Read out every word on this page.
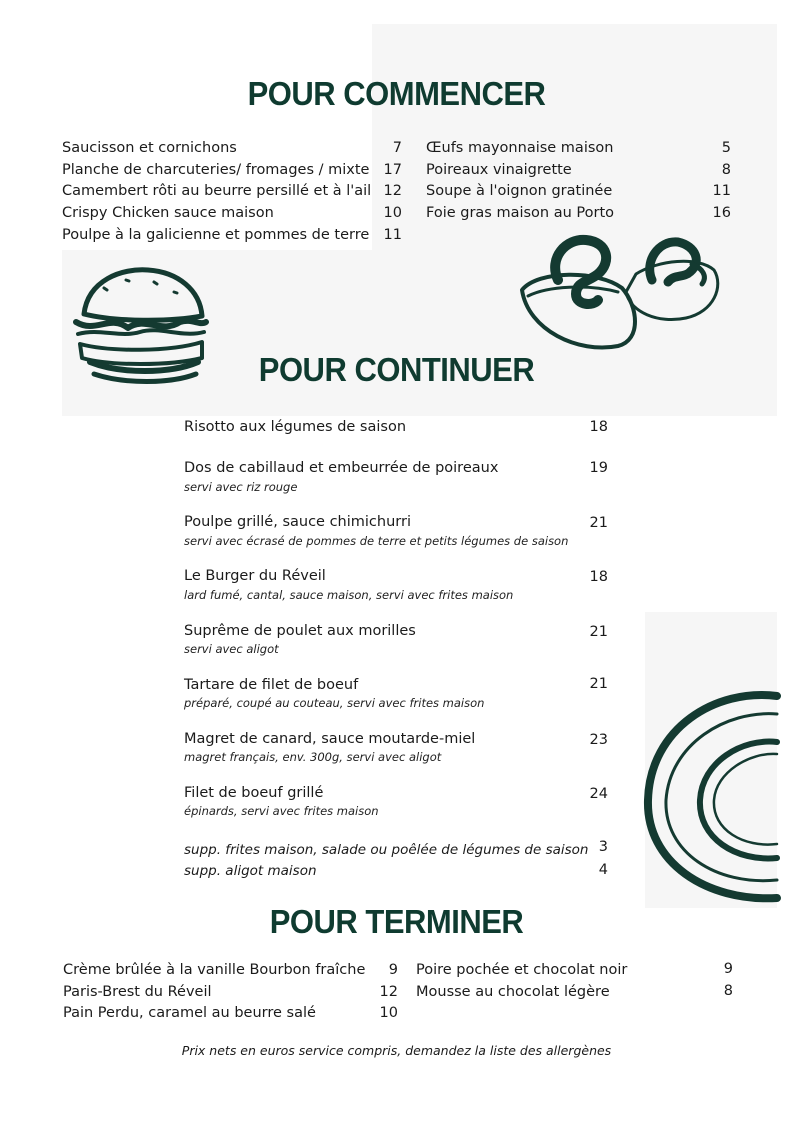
POUR COMMENCER
Saucisson et cornichons	7
Planche de charcuteries/ fromages / mixte 17
Camembert rôti au beurre persillé et à l'ail 12
Crispy Chicken sauce maison	10
Poulpe à la galicienne et pommes de terre 11
Œufs mayonnaise maison	5
Poireaux vinaigrette	8
Soupe à l'oignon gratinée	11
Foie gras maison au Porto	16
POUR CONTINUER
Risotto aux légumes de saison	18
Dos de cabillaud et embeurrée de poireaux
servi avec riz rouge
19
Poulpe grillé, sauce chimichurri
servi avec écrasé de pommes de terre et petits légumes de saison
21
Le Burger du Réveil
lard fumé, cantal, sauce maison, servi avec frites maison
18
Suprême de poulet aux morilles
servi avec aligot
21
Tartare de filet de boeuf
préparé, coupé au couteau, servi avec frites maison
21
Magret de canard, sauce moutarde-miel
magret français, env. 300g, servi avec aligot
23
Filet de boeuf grillé
épinards, servi avec frites maison
24
supp. frites maison, salade ou poêlée de légumes de saison 3
supp. aligot maison	4
POUR TERMINER
Crème brûlée à la vanille Bourbon fraîche 9
Paris-Brest du Réveil	12
Pain Perdu, caramel au beurre salé	10
Poire pochée et chocolat noir	9
Mousse au chocolat légère	8
Prix nets en euros service compris, demandez la liste des allergènes
